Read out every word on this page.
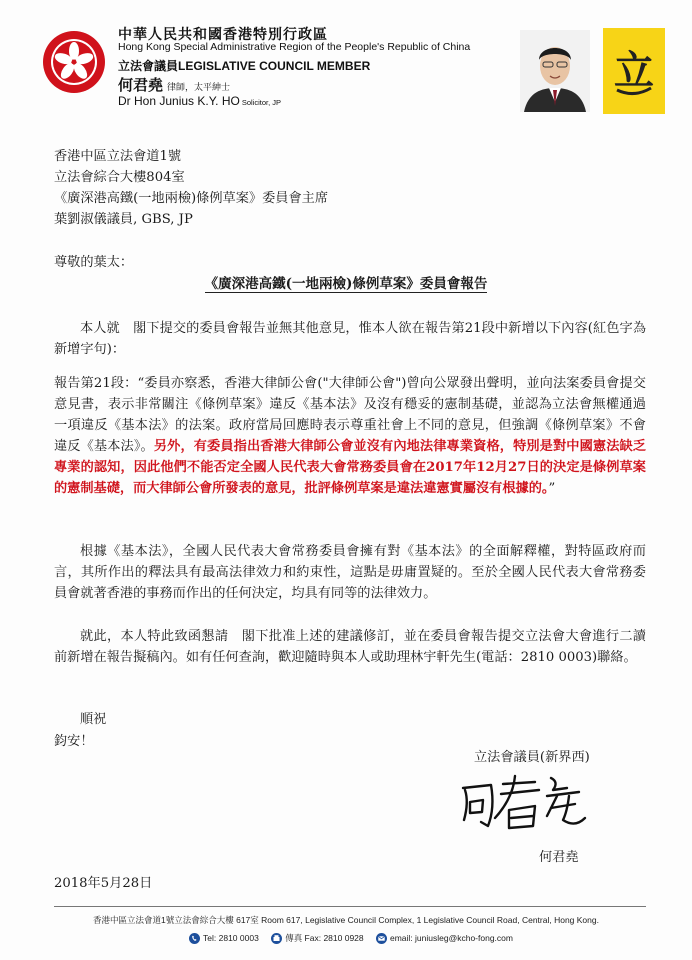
中華人民共和國香港特別行政區
Hong Kong Special Administrative Region of the People's Republic of China
立法會議員LEGISLATIVE COUNCIL MEMBER
何君堯 律師，太平紳士
Dr Hon Junius K.Y. HO Solicitor, JP
立
香港中區立法會道1號
立法會綜合大樓804室
《廣深港高鐵(一地兩檢)條例草案》委員會主席
葉劉淑儀議員, GBS, JP
尊敬的葉太：
《廣深港高鐵(一地兩檢)條例草案》委員會報告
本人就　閣下提交的委員會報告並無其他意見，惟本人欲在報告第21段中新增以下內容(紅色字為新增字句)：
報告第21段：“委員亦察悉，香港大律師公會("大律師公會")曾向公眾發出聲明，並向法案委員會提交意見書，表示非常關注《條例草案》違反《基本法》及沒有穩妥的憲制基礎，並認為立法會無權通過一項違反《基本法》的法案。政府當局回應時表示尊重社會上不同的意見，但強調《條例草案》不會違反《基本法》。另外，有委員指出香港大律師公會並沒有內地法律專業資格，特別是對中國憲法缺乏專業的認知，因此他們不能否定全國人民代表大會常務委員會在2017年12月27日的決定是條例草案的憲制基礎，而大律師公會所發表的意見，批評條例草案是違法違憲實屬沒有根據的。”
根據《基本法》，全國人民代表大會常務委員會擁有對《基本法》的全面解釋權，對特區政府而言，其所作出的釋法具有最高法律效力和約束性，這點是毋庸置疑的。至於全國人民代表大會常務委員會就著香港的事務而作出的任何決定，均具有同等的法律效力。
就此，本人特此致函懇請　閣下批准上述的建議修訂，並在委員會報告提交立法會大會進行二讀前新增在報告擬稿內。如有任何查詢，歡迎隨時與本人或助理林宇軒先生(電話：2810 0003)聯絡。
順祝
鈞安！
立法會議員(新界西)
何君堯
2018年5月28日
香港中區立法會道1號立法會綜合大樓 617室 Room 617, Legislative Council Complex, 1 Legislative Council Road, Central, Hong Kong.
Tel: 2810 0003	傳真 Fax: 2810 0928	email: juniusleg@kcho-fong.com
